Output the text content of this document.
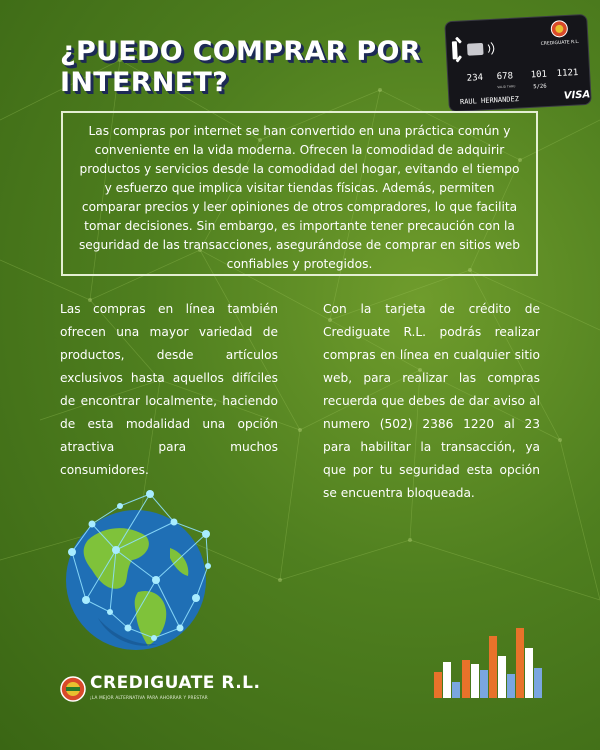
¿PUEDO COMPRAR POR INTERNET?
CREDIGUATE R.L.
234 678 101 1121
VALID THRU	5/26
RAUL HERNANDEZ	VISA
Las compras por internet se han convertido en una práctica común y conveniente en la vida moderna. Ofrecen la comodidad de adquirir productos y servicios desde la comodidad del hogar, evitando el tiempo y esfuerzo que implica visitar tiendas físicas. Además, permiten comparar precios y leer opiniones de otros compradores, lo que facilita tomar decisiones. Sin embargo, es importante tener precaución con la seguridad de las transacciones, asegurándose de comprar en sitios web confiables y protegidos.
Las compras en línea también ofrecen una mayor variedad de productos, desde artículos exclusivos hasta aquellos difíciles de encontrar localmente, haciendo de esta modalidad una opción atractiva para muchos consumidores.
Con la tarjeta de crédito de Crediguate R.L. podrás realizar compras en línea en cualquier sitio web, para realizar las compras recuerda que debes de dar aviso al numero (502) 2386 1220 al 23 para habilitar la transacción, ya que por tu seguridad esta opción se encuentra bloqueada.
CREDIGUATE R.L.
¡LA MEJOR ALTERNATIVA PARA AHORRAR Y PRESTAR
